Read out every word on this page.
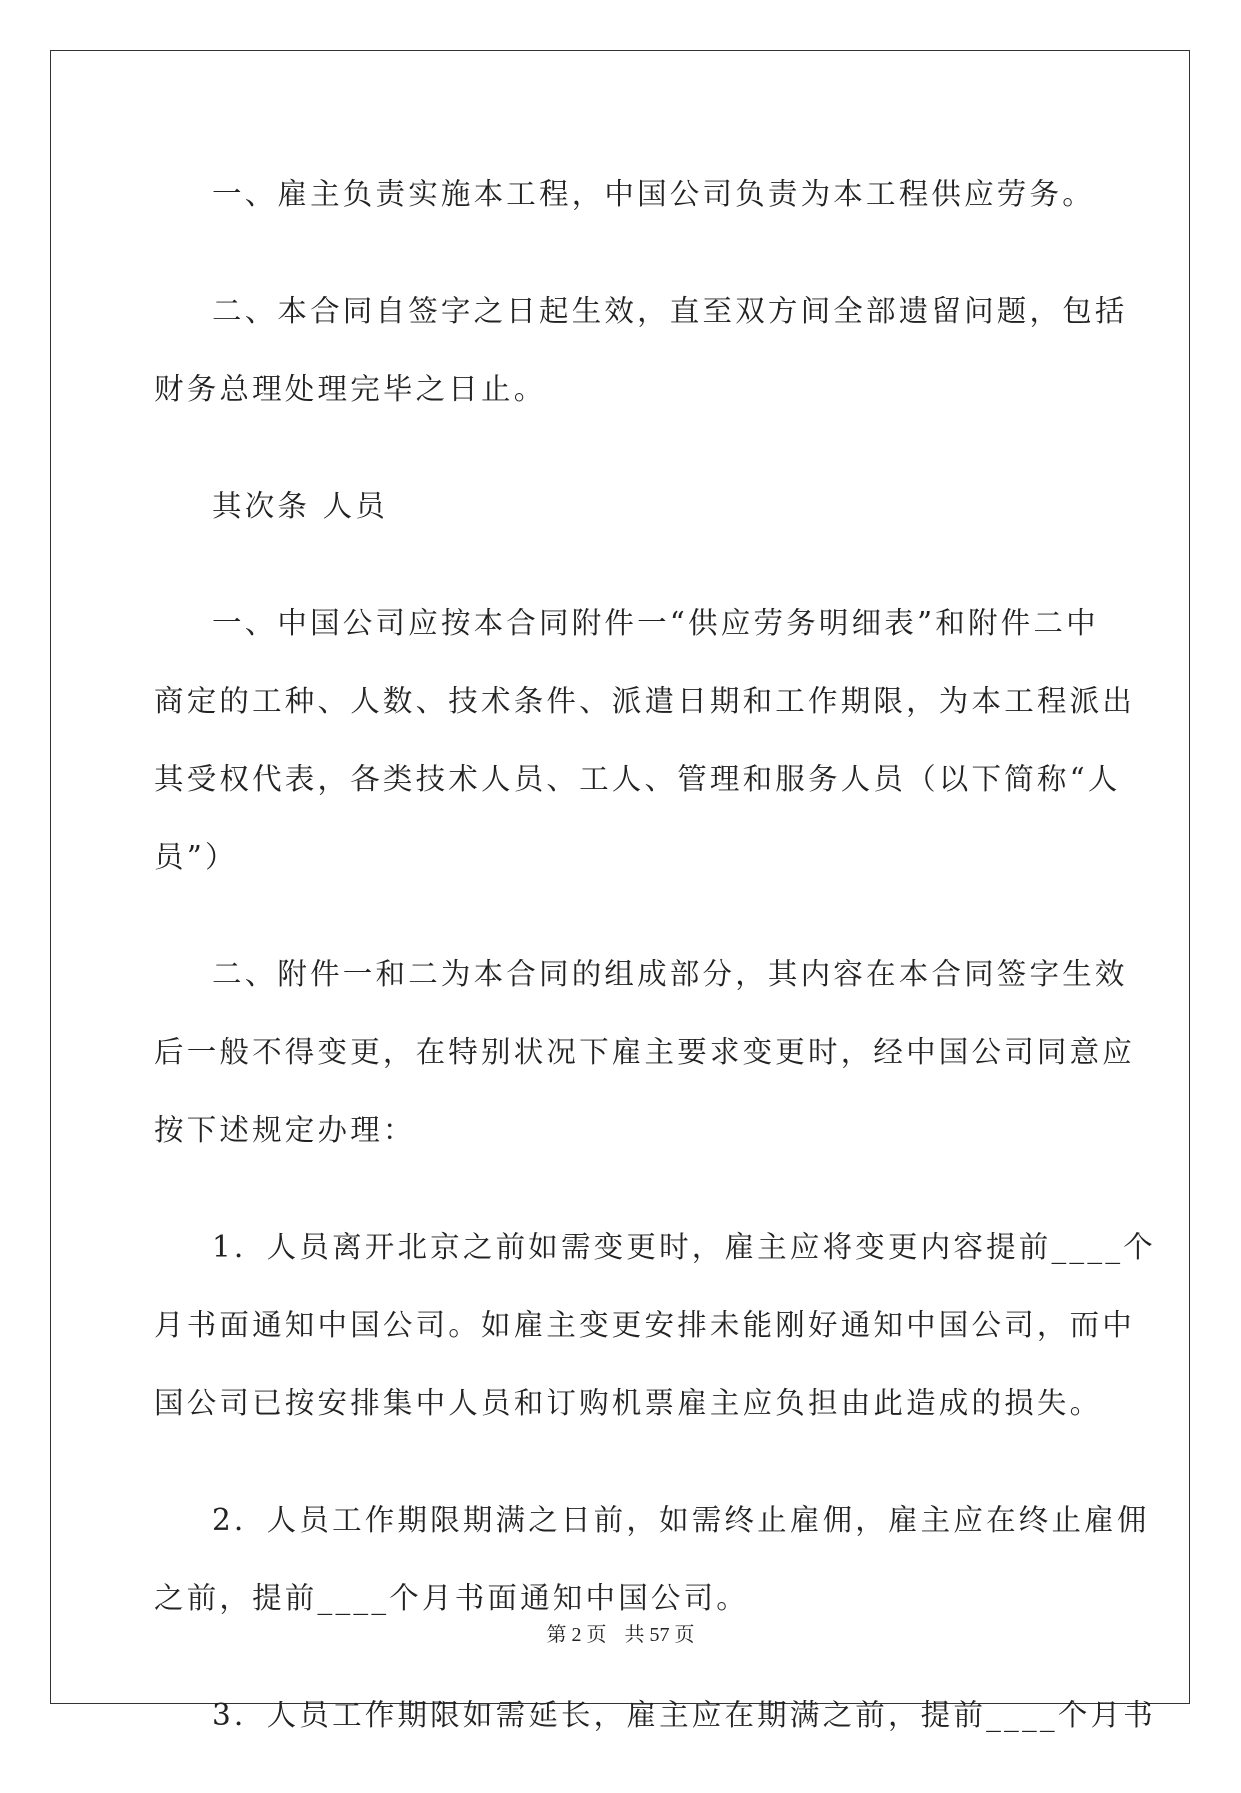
一、雇主负责实施本工程，中国公司负责为本工程供应劳务。

二、本合同自签字之日起生效，直至双方间全部遗留问题，包括
财务总理处理完毕之日止。

其次条 人员

一、中国公司应按本合同附件一“供应劳务明细表”和附件二中
商定的工种、人数、技术条件、派遣日期和工作期限，为本工程派出
其受权代表，各类技术人员、工人、管理和服务人员（以下简称“人
员”）

二、附件一和二为本合同的组成部分，其内容在本合同签字生效
后一般不得变更，在特别状况下雇主要求变更时，经中国公司同意应
按下述规定办理：

1．人员离开北京之前如需变更时，雇主应将变更内容提前____个
月书面通知中国公司。如雇主变更安排未能刚好通知中国公司，而中
国公司已按安排集中人员和订购机票雇主应负担由此造成的损失。

2．人员工作期限期满之日前，如需终止雇佣，雇主应在终止雇佣
之前，提前____个月书面通知中国公司。

3．人员工作期限如需延长，雇主应在期满之前，提前____个月书

第 2 页 共 57 页
